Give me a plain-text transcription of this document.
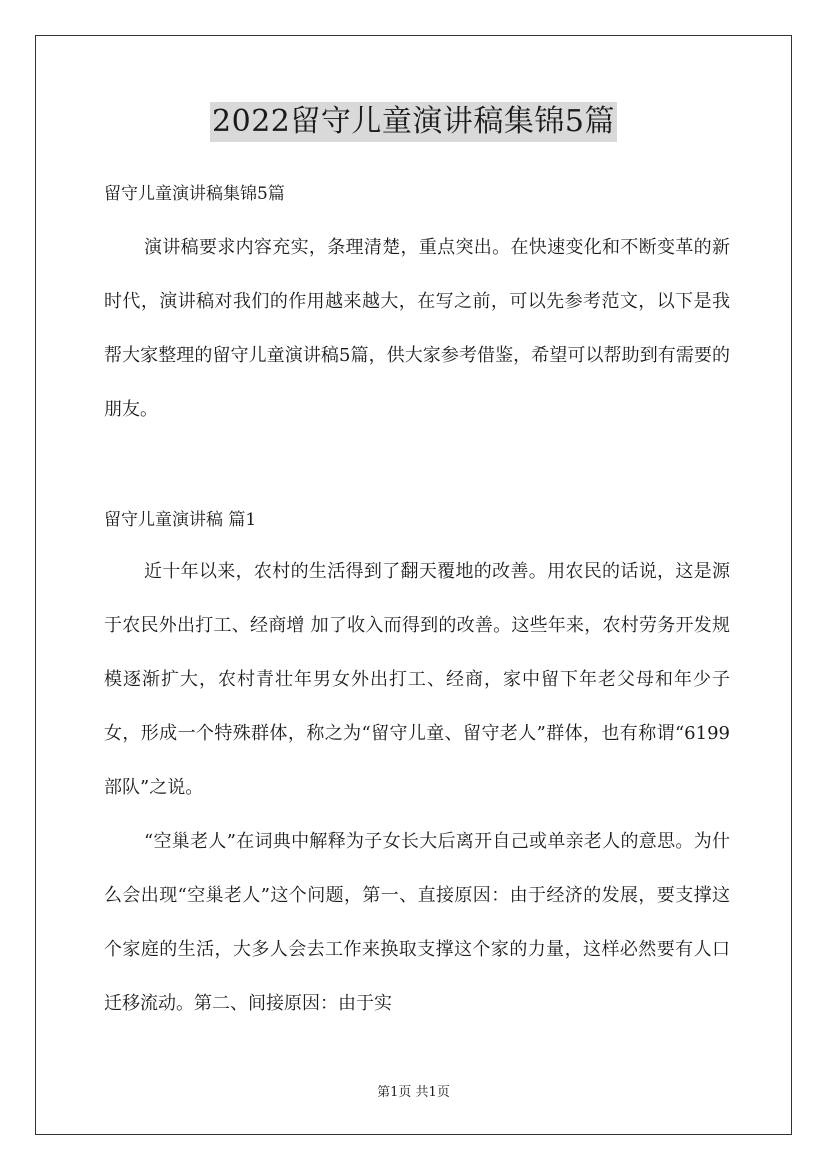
2022留守儿童演讲稿集锦5篇
留守儿童演讲稿集锦5篇

演讲稿要求内容充实，条理清楚，重点突出。在快速变化和不断变革的新时代，演讲稿对我们的作用越来越大，在写之前，可以先参考范文，以下是我帮大家整理的留守儿童演讲稿5篇，供大家参考借鉴，希望可以帮助到有需要的朋友。

留守儿童演讲稿 篇1

近十年以来，农村的生活得到了翻天覆地的改善。用农民的话说，这是源于农民外出打工、经商增 加了收入而得到的改善。这些年来，农村劳务开发规模逐渐扩大，农村青壮年男女外出打工、经商，家中留下年老父母和年少子女，形成一个特殊群体，称之为“留守儿童、留守老人”群体，也有称谓“6199部队”之说。

“空巢老人”在词典中解释为子女长大后离开自己或单亲老人的意思。为什么会出现“空巢老人”这个问题，第一、直接原因：由于经济的发展，要支撑这个家庭的生活，大多人会去工作来换取支撑这个家的力量，这样必然要有人口迁移流动。第二、间接原因：由于实

第1页 共1页
